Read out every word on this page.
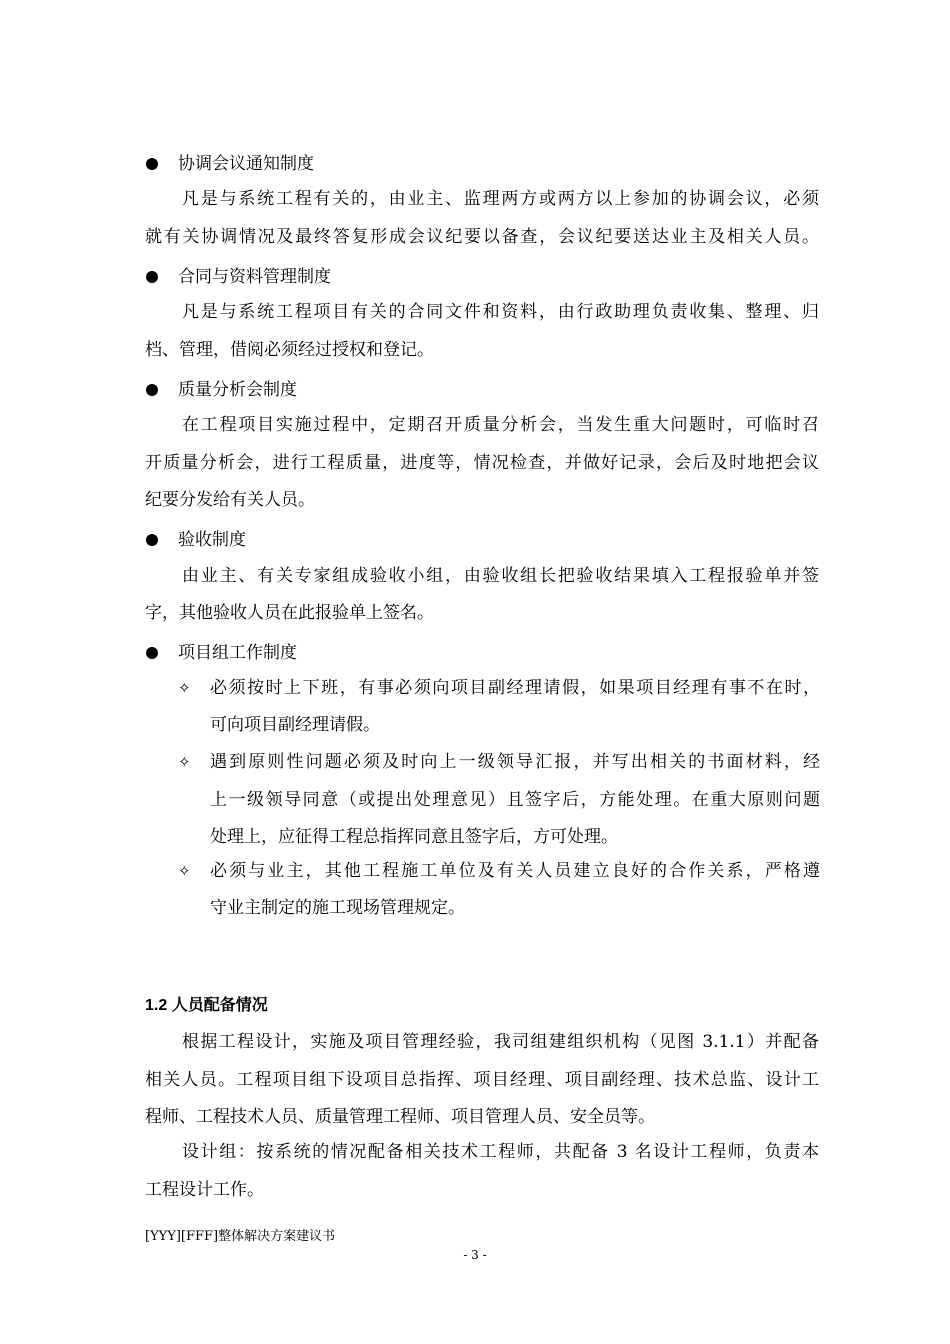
协调会议通知制度
凡是与系统工程有关的，由业主、监理两方或两方以上参加的协调会议，必须
就有关协调情况及最终答复形成会议纪要以备查，会议纪要送达业主及相关人员。
合同与资料管理制度
凡是与系统工程项目有关的合同文件和资料，由行政助理负责收集、整理、归
档、管理，借阅必须经过授权和登记。
质量分析会制度
在工程项目实施过程中，定期召开质量分析会，当发生重大问题时，可临时召
开质量分析会，进行工程质量，进度等，情况检查，并做好记录，会后及时地把会议
纪要分发给有关人员。
验收制度
由业主、有关专家组成验收小组，由验收组长把验收结果填入工程报验单并签
字，其他验收人员在此报验单上签名。
项目组工作制度
✧ 必须按时上下班，有事必须向项目副经理请假，如果项目经理有事不在时，
可向项目副经理请假。
✧ 遇到原则性问题必须及时向上一级领导汇报，并写出相关的书面材料，经
上一级领导同意（或提出处理意见）且签字后，方能处理。在重大原则问题
处理上，应征得工程总指挥同意且签字后，方可处理。
✧ 必须与业主，其他工程施工单位及有关人员建立良好的合作关系，严格遵
守业主制定的施工现场管理规定。
1.2 人员配备情况
根据工程设计，实施及项目管理经验，我司组建组织机构（见图 3.1.1）并配备
相关人员。工程项目组下设项目总指挥、项目经理、项目副经理、技术总监、设计工
程师、工程技术人员、质量管理工程师、项目管理人员、安全员等。
设计组：按系统的情况配备相关技术工程师，共配备 3 名设计工程师，负责本
工程设计工作。
[YYY][FFF]整体解决方案建议书
- 3 -
